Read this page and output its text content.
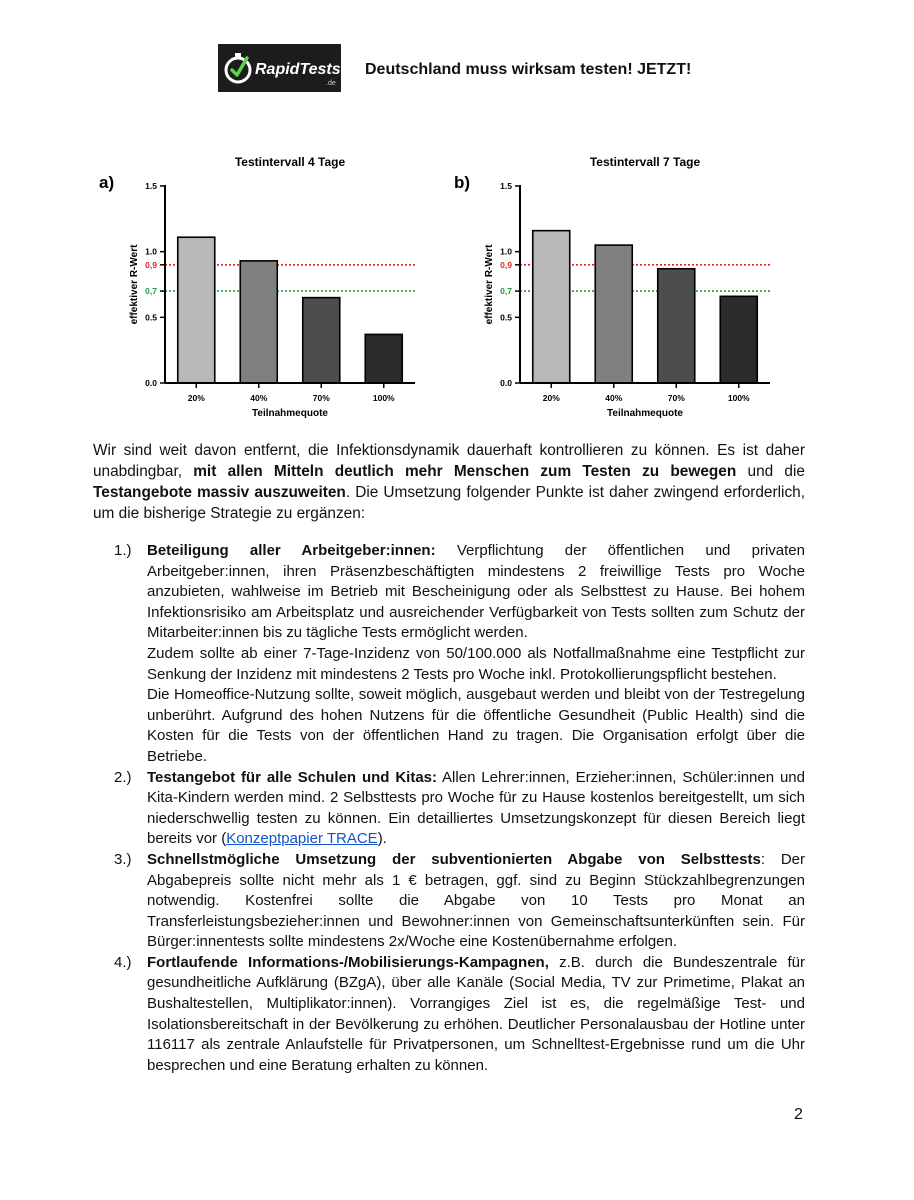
RapidTests
.de
Deutschland muss wirksam testen! JETZT!
a)
Testintervall 4 Tage
20%	40%	70%	100%
0.0
0.5
0,7
0,9
1.0
1.5
Teilnahmequote
effektiver R-Wert
b)
Testintervall 7 Tage
20%	40%	70%	100%
0.0
0.5
0,7
0,9
1.0
1.5
Teilnahmequote
effektiver R-Wert

Wir sind weit davon entfernt, die Infektionsdynamik dauerhaft kontrollieren zu können. Es ist daher unabdingbar, mit allen Mitteln deutlich mehr Menschen zum Testen zu bewegen und die Testangebote massiv auszuweiten. Die Umsetzung folgender Punkte ist daher zwingend erforderlich, um die bisherige Strategie zu ergänzen:

1.) Beteiligung aller Arbeitgeber:innen: Verpflichtung der öffentlichen und privaten Arbeitgeber:innen, ihren Präsenzbeschäftigten mindestens 2 freiwillige Tests pro Woche anzubieten, wahlweise im Betrieb mit Bescheinigung oder als Selbsttest zu Hause. Bei hohem Infektionsrisiko am Arbeitsplatz und ausreichender Verfügbarkeit von Tests sollten zum Schutz der Mitarbeiter:innen bis zu tägliche Tests ermöglicht werden.
Zudem sollte ab einer 7-Tage-Inzidenz von 50/100.000 als Notfallmaßnahme eine Testpflicht zur Senkung der Inzidenz mit mindestens 2 Tests pro Woche inkl. Protokollierungspflicht bestehen.
Die Homeoffice-Nutzung sollte, soweit möglich, ausgebaut werden und bleibt von der Testregelung unberührt. Aufgrund des hohen Nutzens für die öffentliche Gesundheit (Public Health) sind die Kosten für die Tests von der öffentlichen Hand zu tragen. Die Organisation erfolgt über die Betriebe.
2.) Testangebot für alle Schulen und Kitas: Allen Lehrer:innen, Erzieher:innen, Schüler:innen und Kita-Kindern werden mind. 2 Selbsttests pro Woche für zu Hause kostenlos bereitgestellt, um sich niederschwellig testen zu können. Ein detailliertes Umsetzungskonzept für diesen Bereich liegt bereits vor (Konzeptpapier TRACE).
3.) Schnellstmögliche Umsetzung der subventionierten Abgabe von Selbsttests: Der Abgabepreis sollte nicht mehr als 1 € betragen, ggf. sind zu Beginn Stückzahlbegrenzungen notwendig. Kostenfrei sollte die Abgabe von 10 Tests pro Monat an Transferleistungsbezieher:innen und Bewohner:innen von Gemeinschaftsunterkünften sein. Für Bürger:innentests sollte mindestens 2x/Woche eine Kostenübernahme erfolgen.
4.) Fortlaufende Informations-/Mobilisierungs-Kampagnen, z.B. durch die Bundeszentrale für gesundheitliche Aufklärung (BZgA), über alle Kanäle (Social Media, TV zur Primetime, Plakat an Bushaltestellen, Multiplikator:innen). Vorrangiges Ziel ist es, die regelmäßige Test- und Isolationsbereitschaft in der Bevölkerung zu erhöhen. Deutlicher Personalausbau der Hotline unter 116117 als zentrale Anlaufstelle für Privatpersonen, um Schnelltest-Ergebnisse rund um die Uhr besprechen und eine Beratung erhalten zu können.
2
